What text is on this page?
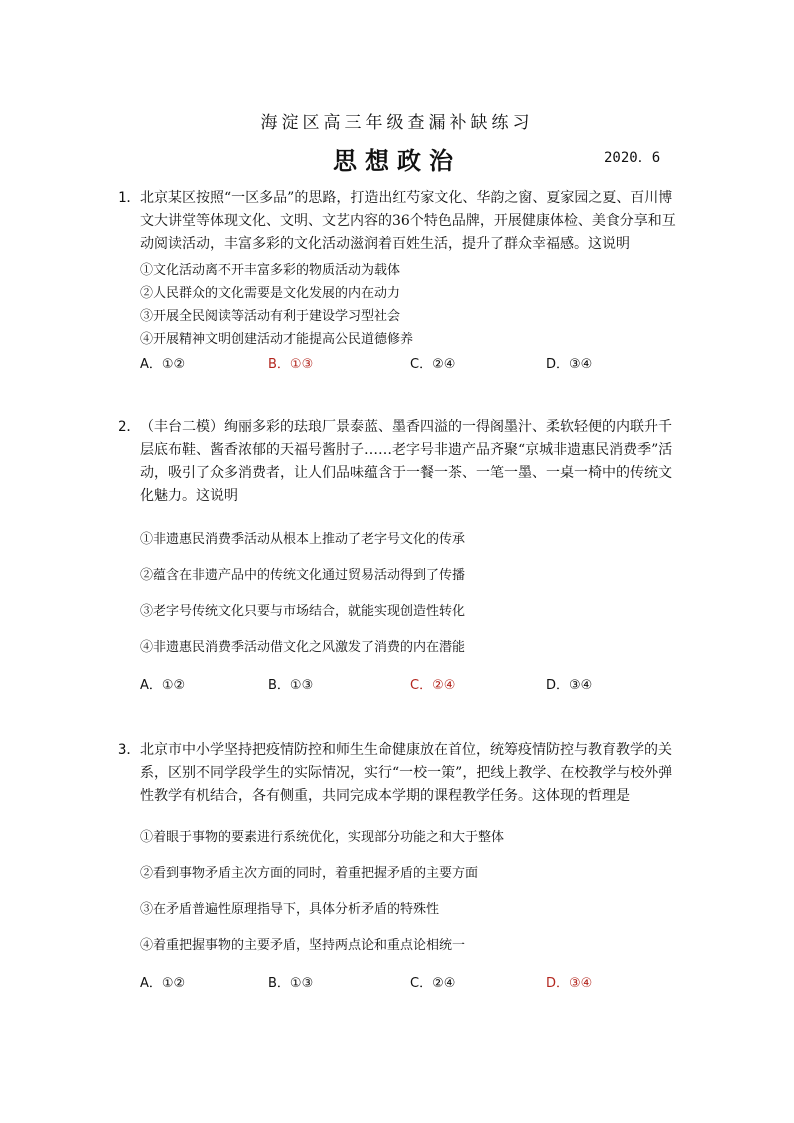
海淀区高三年级查漏补缺练习
思想政治	2020．6
1． 北京某区按照“一区多品”的思路，打造出红芍家文化、华韵之窗、夏家园之夏、百川博文大讲堂等体现文化、文明、文艺内容的36个特色品牌，开展健康体检、美食分享和互动阅读活动，丰富多彩的文化活动滋润着百姓生活，提升了群众幸福感。这说明
①文化活动离不开丰富多彩的物质活动为载体
②人民群众的文化需要是文化发展的内在动力
③开展全民阅读等活动有利于建设学习型社会
④开展精神文明创建活动才能提高公民道德修养
A．①②	B．①③	C．②④	D．③④
2． （丰台二模）绚丽多彩的珐琅厂景泰蓝、墨香四溢的一得阁墨汁、柔软轻便的内联升千层底布鞋、酱香浓郁的天福号酱肘子……老字号非遗产品齐聚“京城非遗惠民消费季”活动，吸引了众多消费者，让人们品味蕴含于一餐一茶、一笔一墨、一桌一椅中的传统文化魅力。这说明
①非遗惠民消费季活动从根本上推动了老字号文化的传承
②蕴含在非遗产品中的传统文化通过贸易活动得到了传播
③老字号传统文化只要与市场结合，就能实现创造性转化
④非遗惠民消费季活动借文化之风激发了消费的内在潜能
A．①②	B．①③	C．②④	D．③④
3． 北京市中小学坚持把疫情防控和师生生命健康放在首位，统筹疫情防控与教育教学的关系，区别不同学段学生的实际情况，实行“一校一策”，把线上教学、在校教学与校外弹性教学有机结合，各有侧重，共同完成本学期的课程教学任务。这体现的哲理是
①着眼于事物的要素进行系统优化，实现部分功能之和大于整体
②看到事物矛盾主次方面的同时，着重把握矛盾的主要方面
③在矛盾普遍性原理指导下，具体分析矛盾的特殊性
④着重把握事物的主要矛盾，坚持两点论和重点论相统一
A．①②	B．①③	C．②④	D．③④
